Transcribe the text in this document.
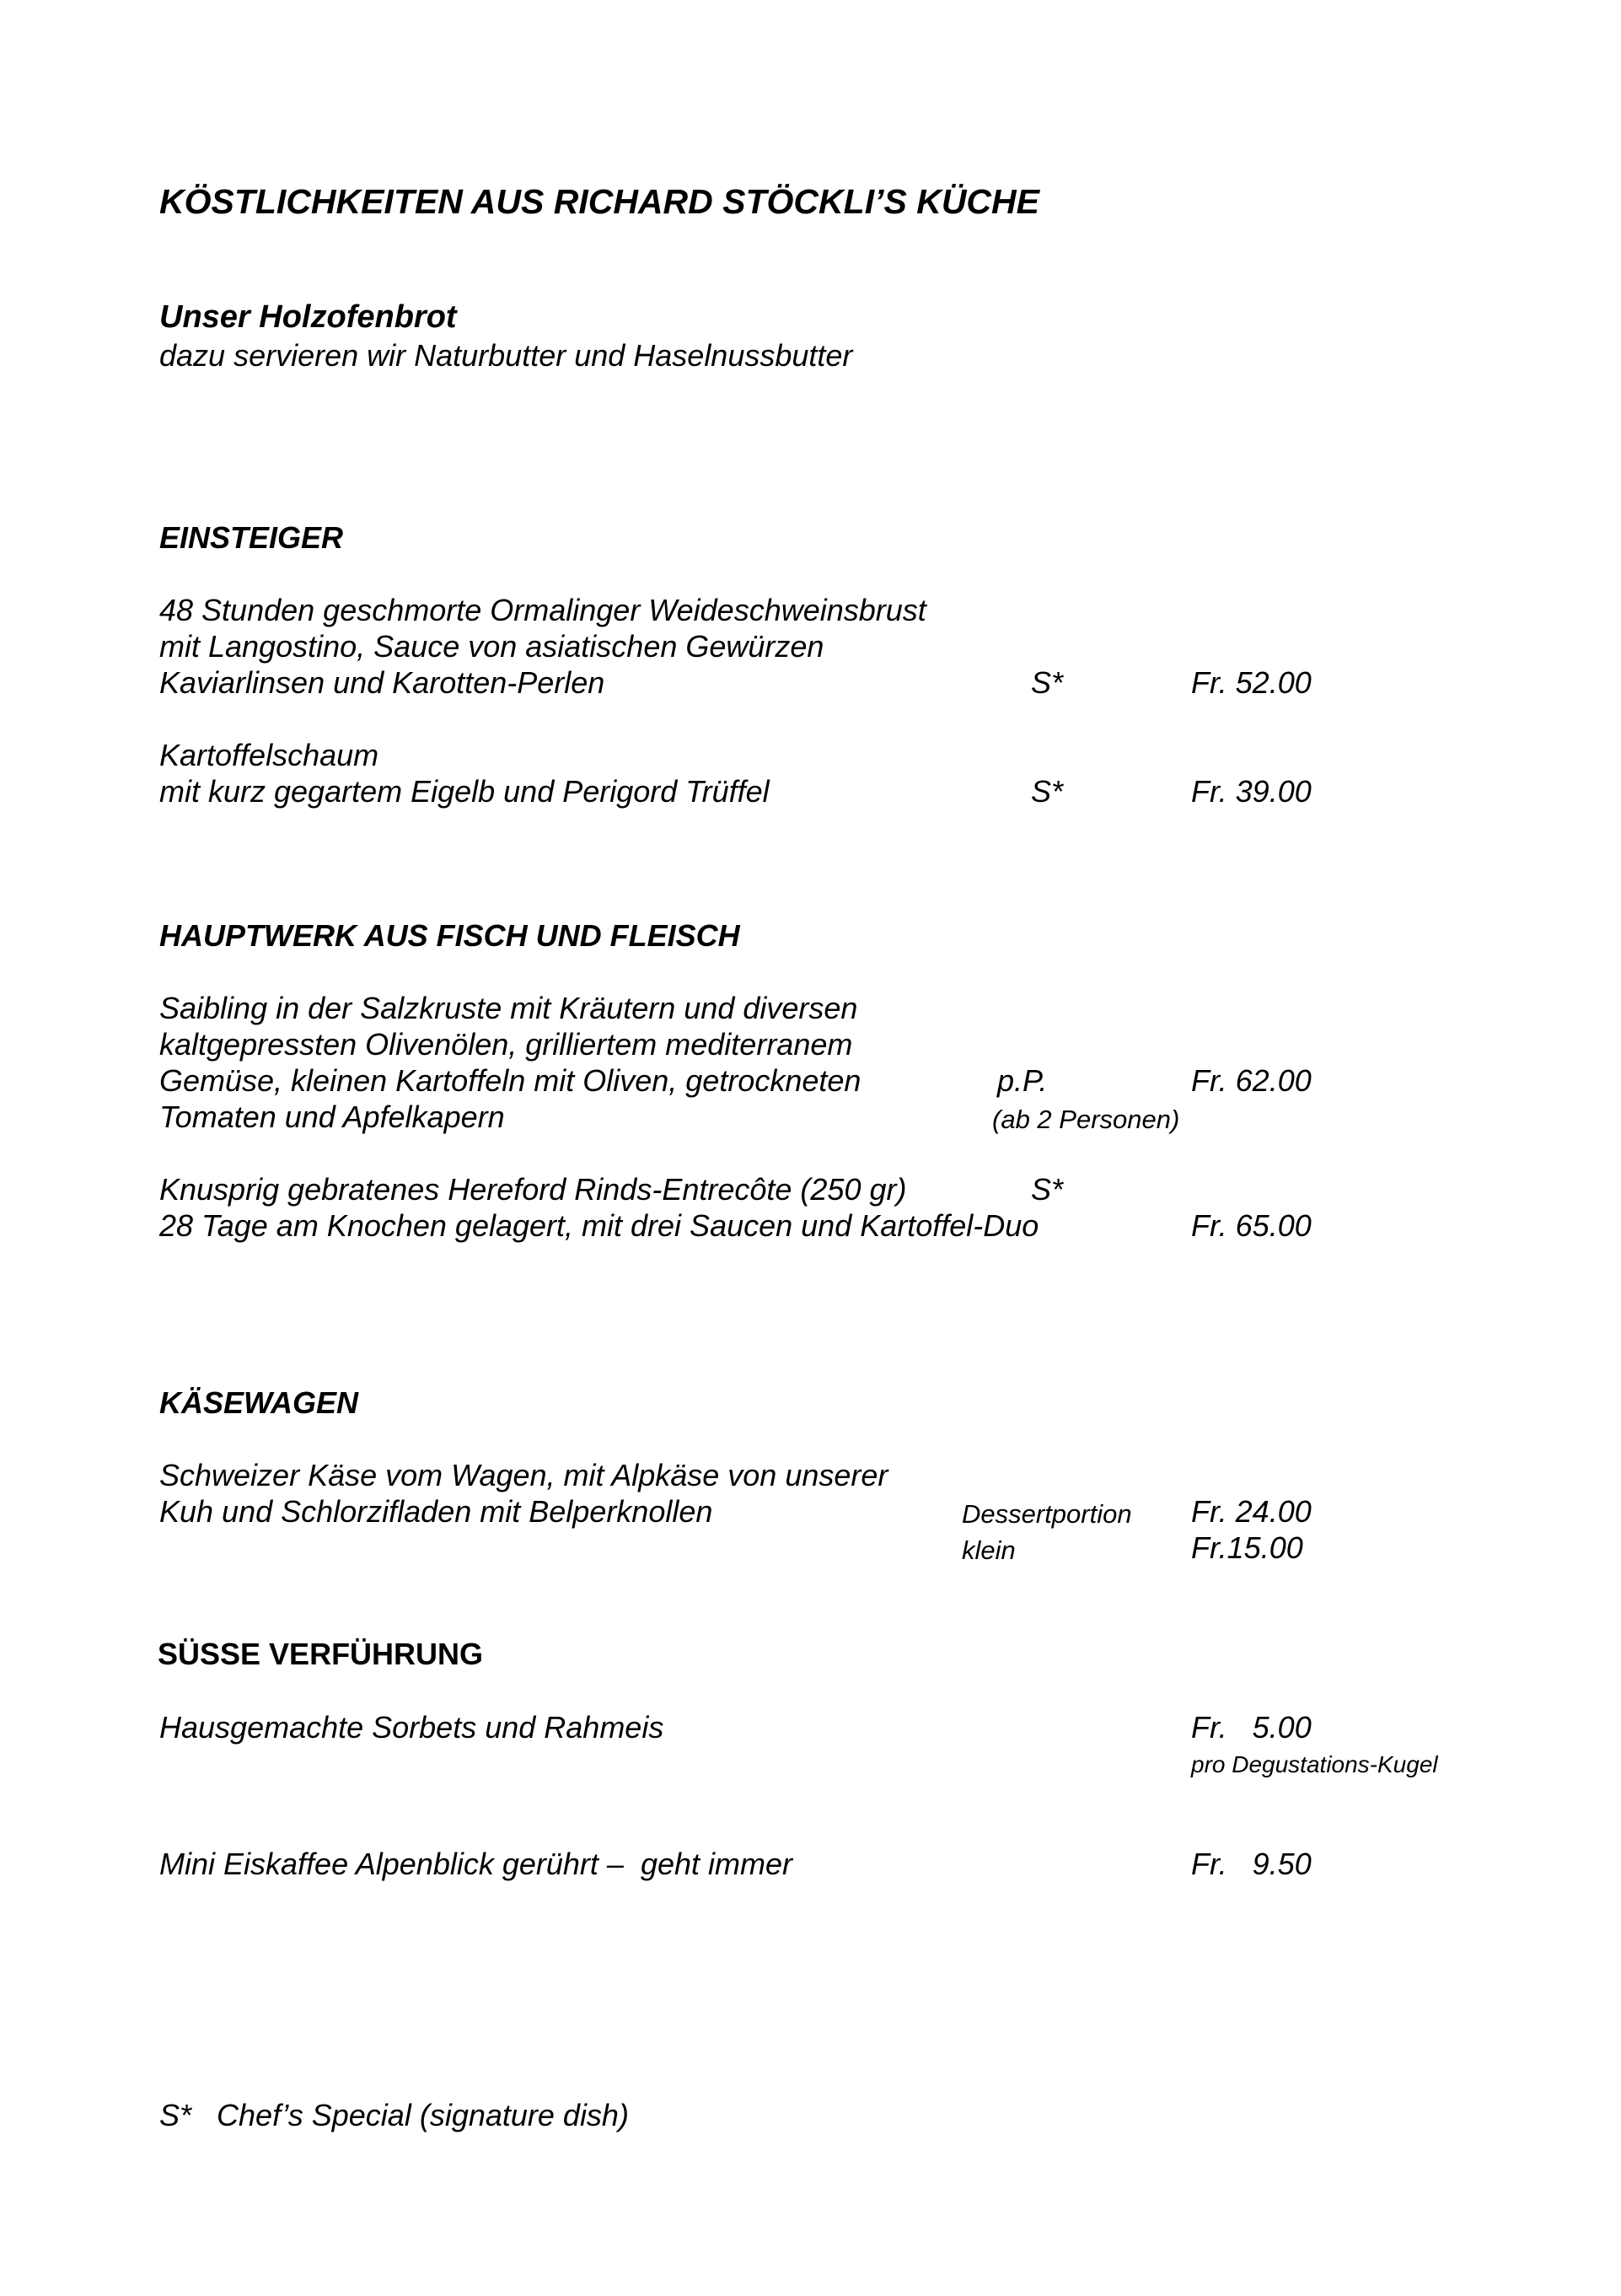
KÖSTLICHKEITEN AUS RICHARD STÖCKLI’S KÜCHE
Unser Holzofenbrot
dazu servieren wir Naturbutter und Haselnussbutter
EINSTEIGER
48 Stunden geschmorte Ormalinger Weideschweinsbrust
mit Langostino, Sauce von asiatischen Gewürzen
Kaviarlinsen und Karotten-Perlen	S*	Fr. 52.00
Kartoffelschaum
mit kurz gegartem Eigelb und Perigord Trüffel	S*	Fr. 39.00
HAUPTWERK AUS FISCH UND FLEISCH
Saibling in der Salzkruste mit Kräutern und diversen
kaltgepressten Olivenölen, grilliertem mediterranem
Gemüse, kleinen Kartoffeln mit Oliven, getrockneten	p.P.	Fr. 62.00
Tomaten und Apfelkapern	(ab 2 Personen)
Knusprig gebratenes Hereford Rinds-Entrecôte (250 gr)	S*
28 Tage am Knochen gelagert, mit drei Saucen und Kartoffel-Duo	Fr. 65.00
KÄSEWAGEN
Schweizer Käse vom Wagen, mit Alpkäse von unserer
Kuh und Schlorzifladen mit Belperknollen	Dessertportion Fr. 24.00
klein	Fr.15.00
SÜSSE VERFÜHRUNG
Hausgemachte Sorbets und Rahmeis	Fr.   5.00
pro Degustations-Kugel
Mini Eiskaffee Alpenblick gerührt –  geht immer	Fr.   9.50
S*   Chef’s Special (signature dish)
